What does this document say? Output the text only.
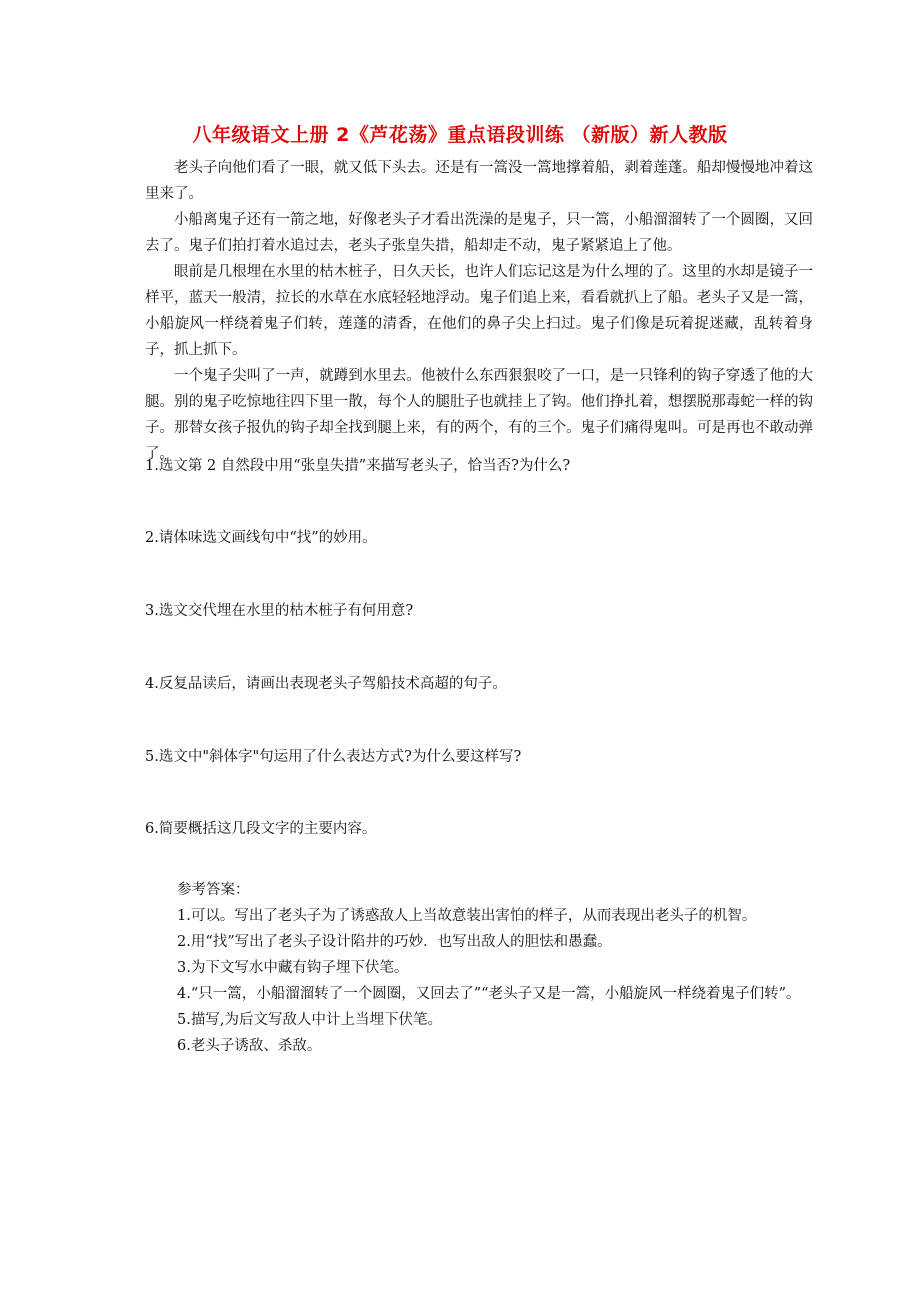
八年级语文上册 2《芦花荡》重点语段训练 （新版）新人教版

老头子向他们看了一眼，就又低下头去。还是有一篙没一篙地撑着船，剥着莲蓬。船却慢慢地冲着这里来了。

小船离鬼子还有一箭之地，好像老头子才看出洗澡的是鬼子，只一篙，小船溜溜转了一个圆圈，又回去了。鬼子们拍打着水追过去，老头子张皇失措，船却走不动，鬼子紧紧追上了他。

眼前是几根埋在水里的枯木桩子，日久天长，也许人们忘记这是为什么埋的了。这里的水却是镜子一样平，蓝天一般清，拉长的水草在水底轻轻地浮动。鬼子们追上来，看看就扒上了船。老头子又是一篙，小船旋风一样绕着鬼子们转，莲蓬的清香，在他们的鼻子尖上扫过。鬼子们像是玩着捉迷藏，乱转着身子，抓上抓下。

一个鬼子尖叫了一声，就蹲到水里去。他被什么东西狠狠咬了一口，是一只锋利的钩子穿透了他的大腿。别的鬼子吃惊地往四下里一散，每个人的腿肚子也就挂上了钩。他们挣扎着，想摆脱那毒蛇一样的钩子。那替女孩子报仇的钩子却全找到腿上来，有的两个，有的三个。鬼子们痛得鬼叫。可是再也不敢动弹了。

1.选文第 2 自然段中用“张皇失措”来描写老头子，恰当否?为什么?
2.请体味选文画线句中“找”的妙用。
3.选文交代埋在水里的枯木桩子有何用意?
4.反复品读后，请画出表现老头子驾船技术高超的句子。
5.选文中"斜体字"句运用了什么表达方式?为什么要这样写?
6.简要概括这几段文字的主要内容。

参考答案：

1.可以。写出了老头子为了诱惑敌人上当故意装出害怕的样子，从而表现出老头子的机智。

2.用“找”写出了老头子设计陷井的巧妙．也写出敌人的胆怯和愚蠢。

3.为下文写水中藏有钩子埋下伏笔。

4.“只一篙，小船溜溜转了一个圆圈，又回去了”“老头子又是一篙，小船旋风一样绕着鬼子们转”。

5.描写,为后文写敌人中计上当埋下伏笔。

6.老头子诱敌、杀敌。
